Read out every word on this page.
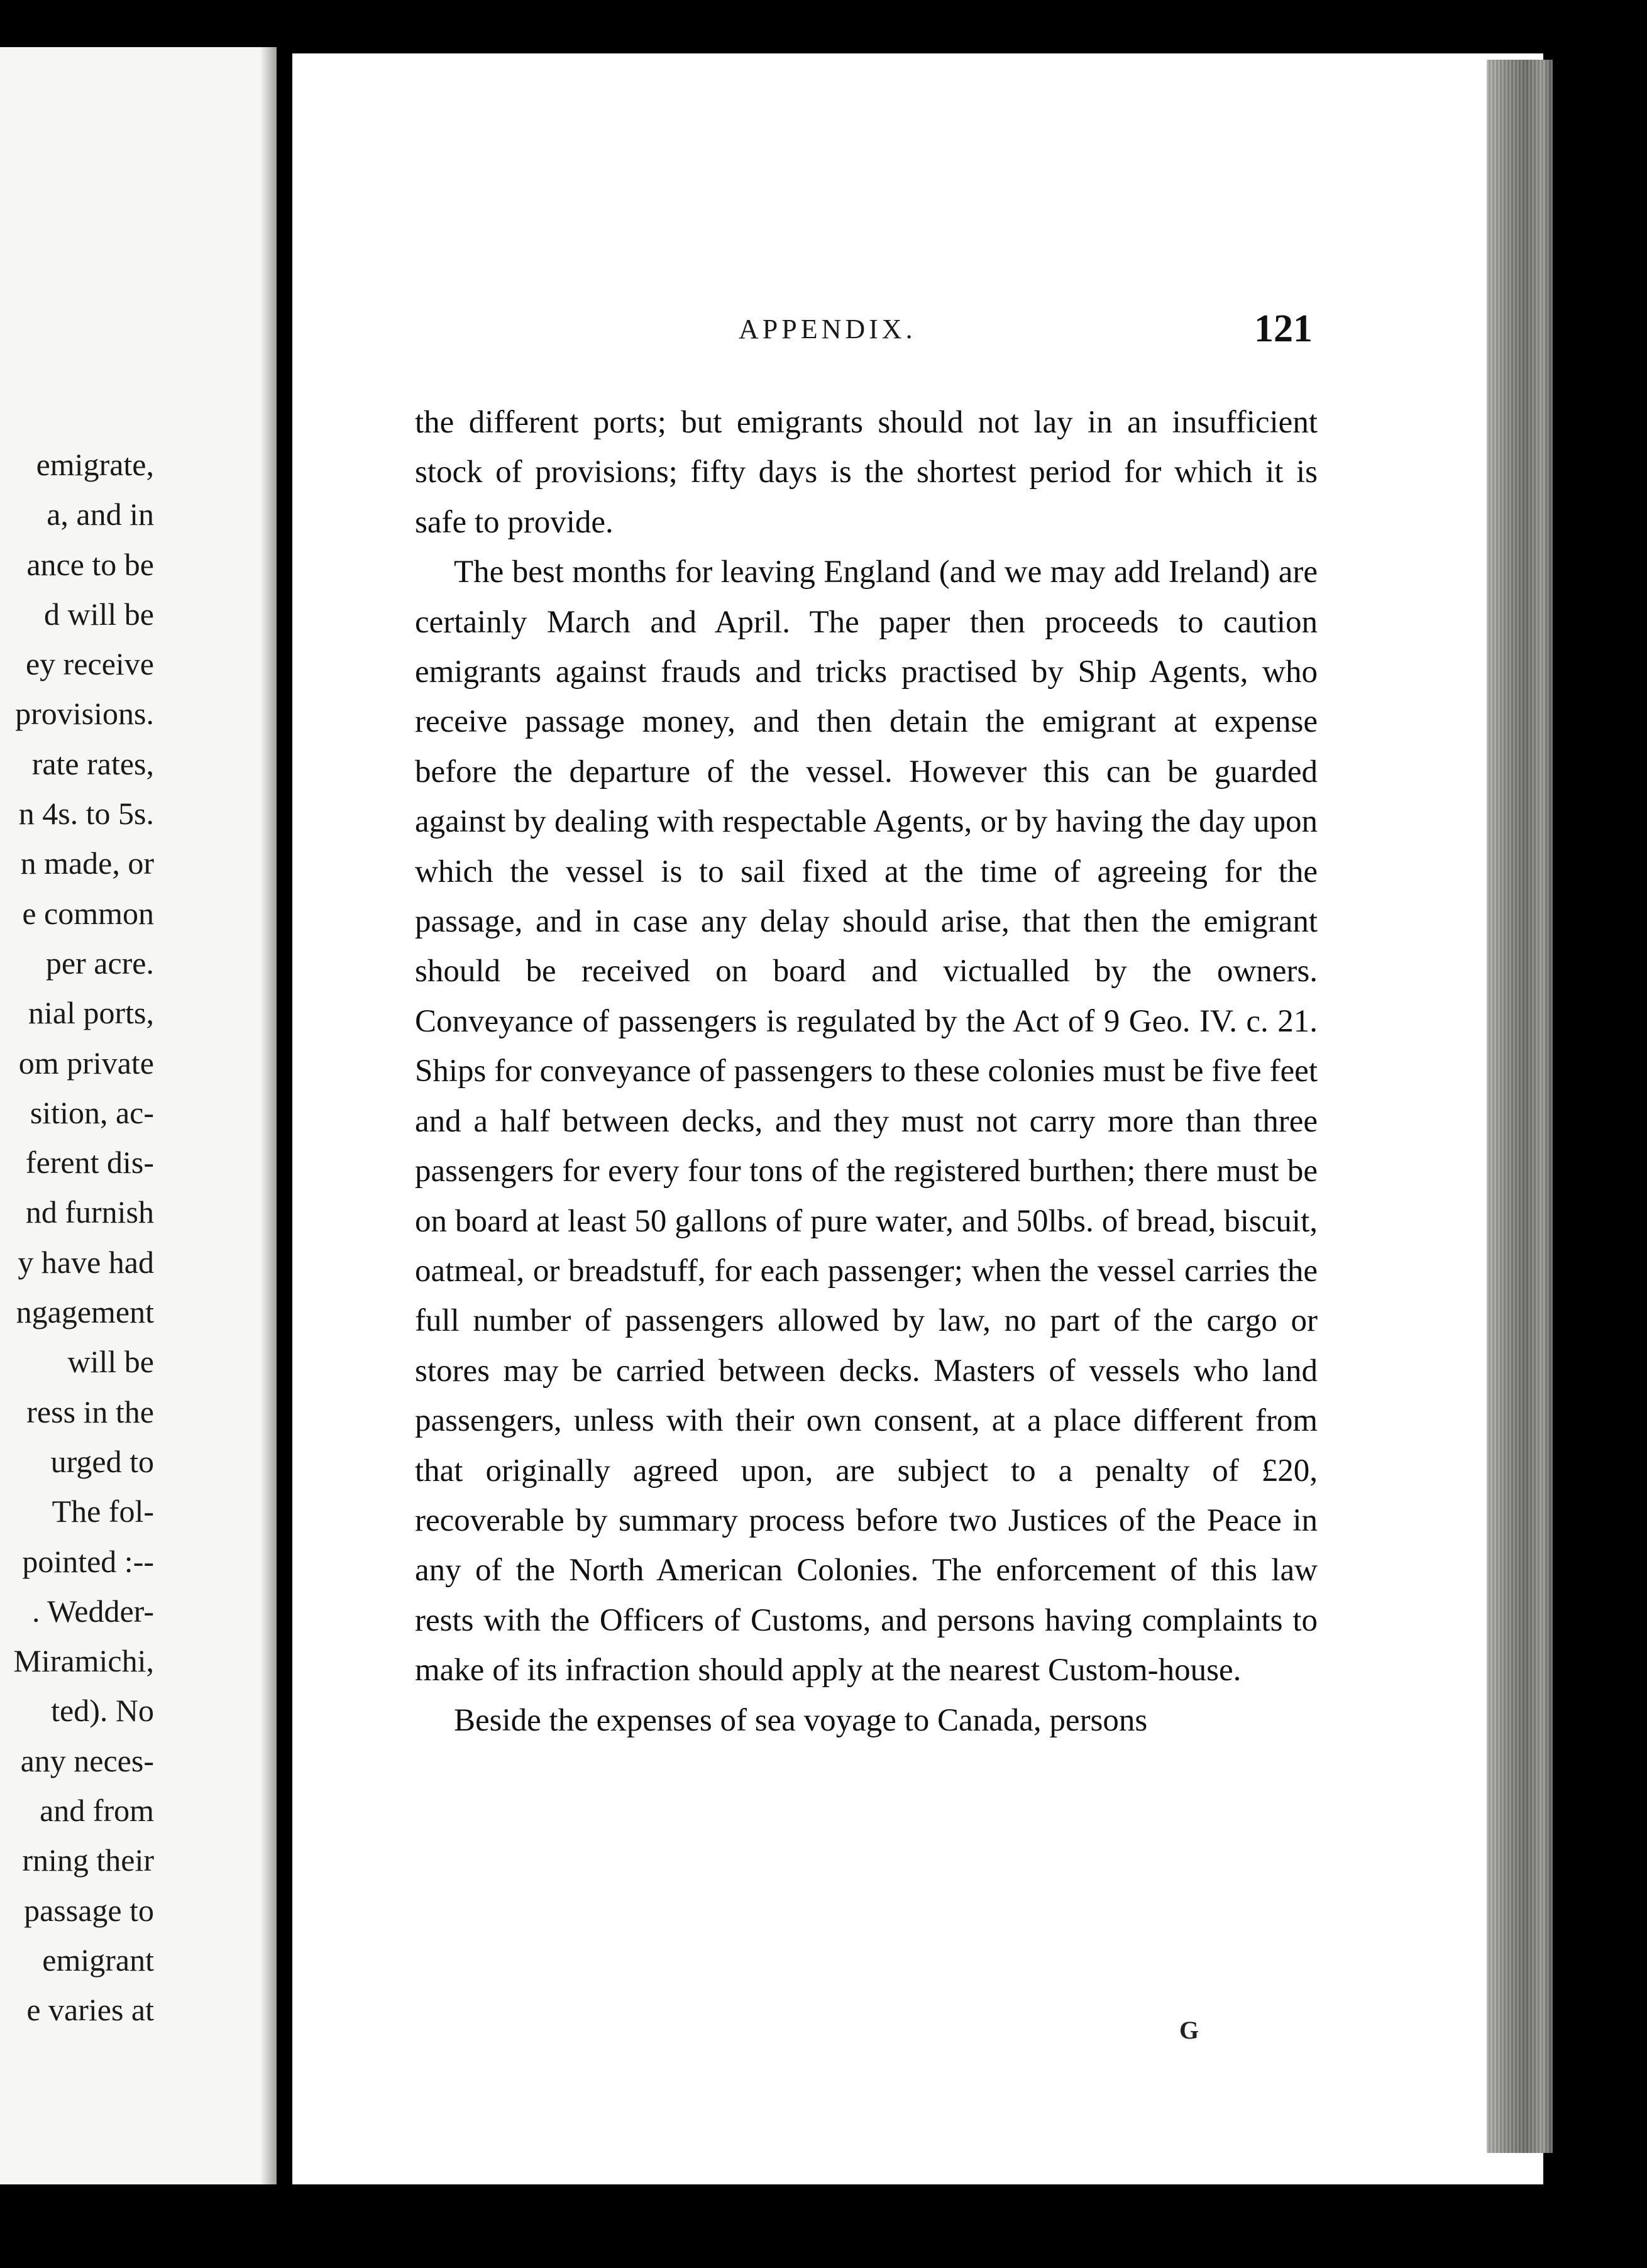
emigrate,
a, and in
ance to be
d will be
ey receive
provisions.
rate rates,
n 4s. to 5s.
n made, or
e common
per acre.
nial ports,
om private
sition, ac-
ferent dis-
nd furnish
y have had
ngagement
will be
ress in the
urged to
The fol-
pointed :--
. Wedder-
Miramichi,
ted). No
any neces-
and from
rning their
passage to
emigrant
e varies at
APPENDIX.	121

the different ports; but emigrants should not lay in an insufficient stock of provisions; fifty days is the shortest period for which it is safe to provide.

The best months for leaving England (and we may add Ireland) are certainly March and April. The paper then proceeds to caution emigrants against frauds and tricks practised by Ship Agents, who receive passage money, and then detain the emigrant at expense before the departure of the vessel. However this can be guarded against by dealing with respectable Agents, or by having the day upon which the vessel is to sail fixed at the time of agreeing for the passage, and in case any delay should arise, that then the emigrant should be received on board and victualled by the owners. Conveyance of passengers is regulated by the Act of 9 Geo. IV. c. 21. Ships for conveyance of passengers to these colonies must be five feet and a half between decks, and they must not carry more than three passengers for every four tons of the registered burthen; there must be on board at least 50 gallons of pure water, and 50lbs. of bread, biscuit, oatmeal, or breadstuff, for each passenger; when the vessel carries the full number of passengers allowed by law, no part of the cargo or stores may be carried between decks. Masters of vessels who land passengers, unless with their own consent, at a place different from that originally agreed upon, are subject to a penalty of £20, recoverable by summary process before two Justices of the Peace in any of the North American Colonies. The enforcement of this law rests with the Officers of Customs, and persons having complaints to make of its infraction should apply at the nearest Custom-house.

Beside the expenses of sea voyage to Canada, persons

G
